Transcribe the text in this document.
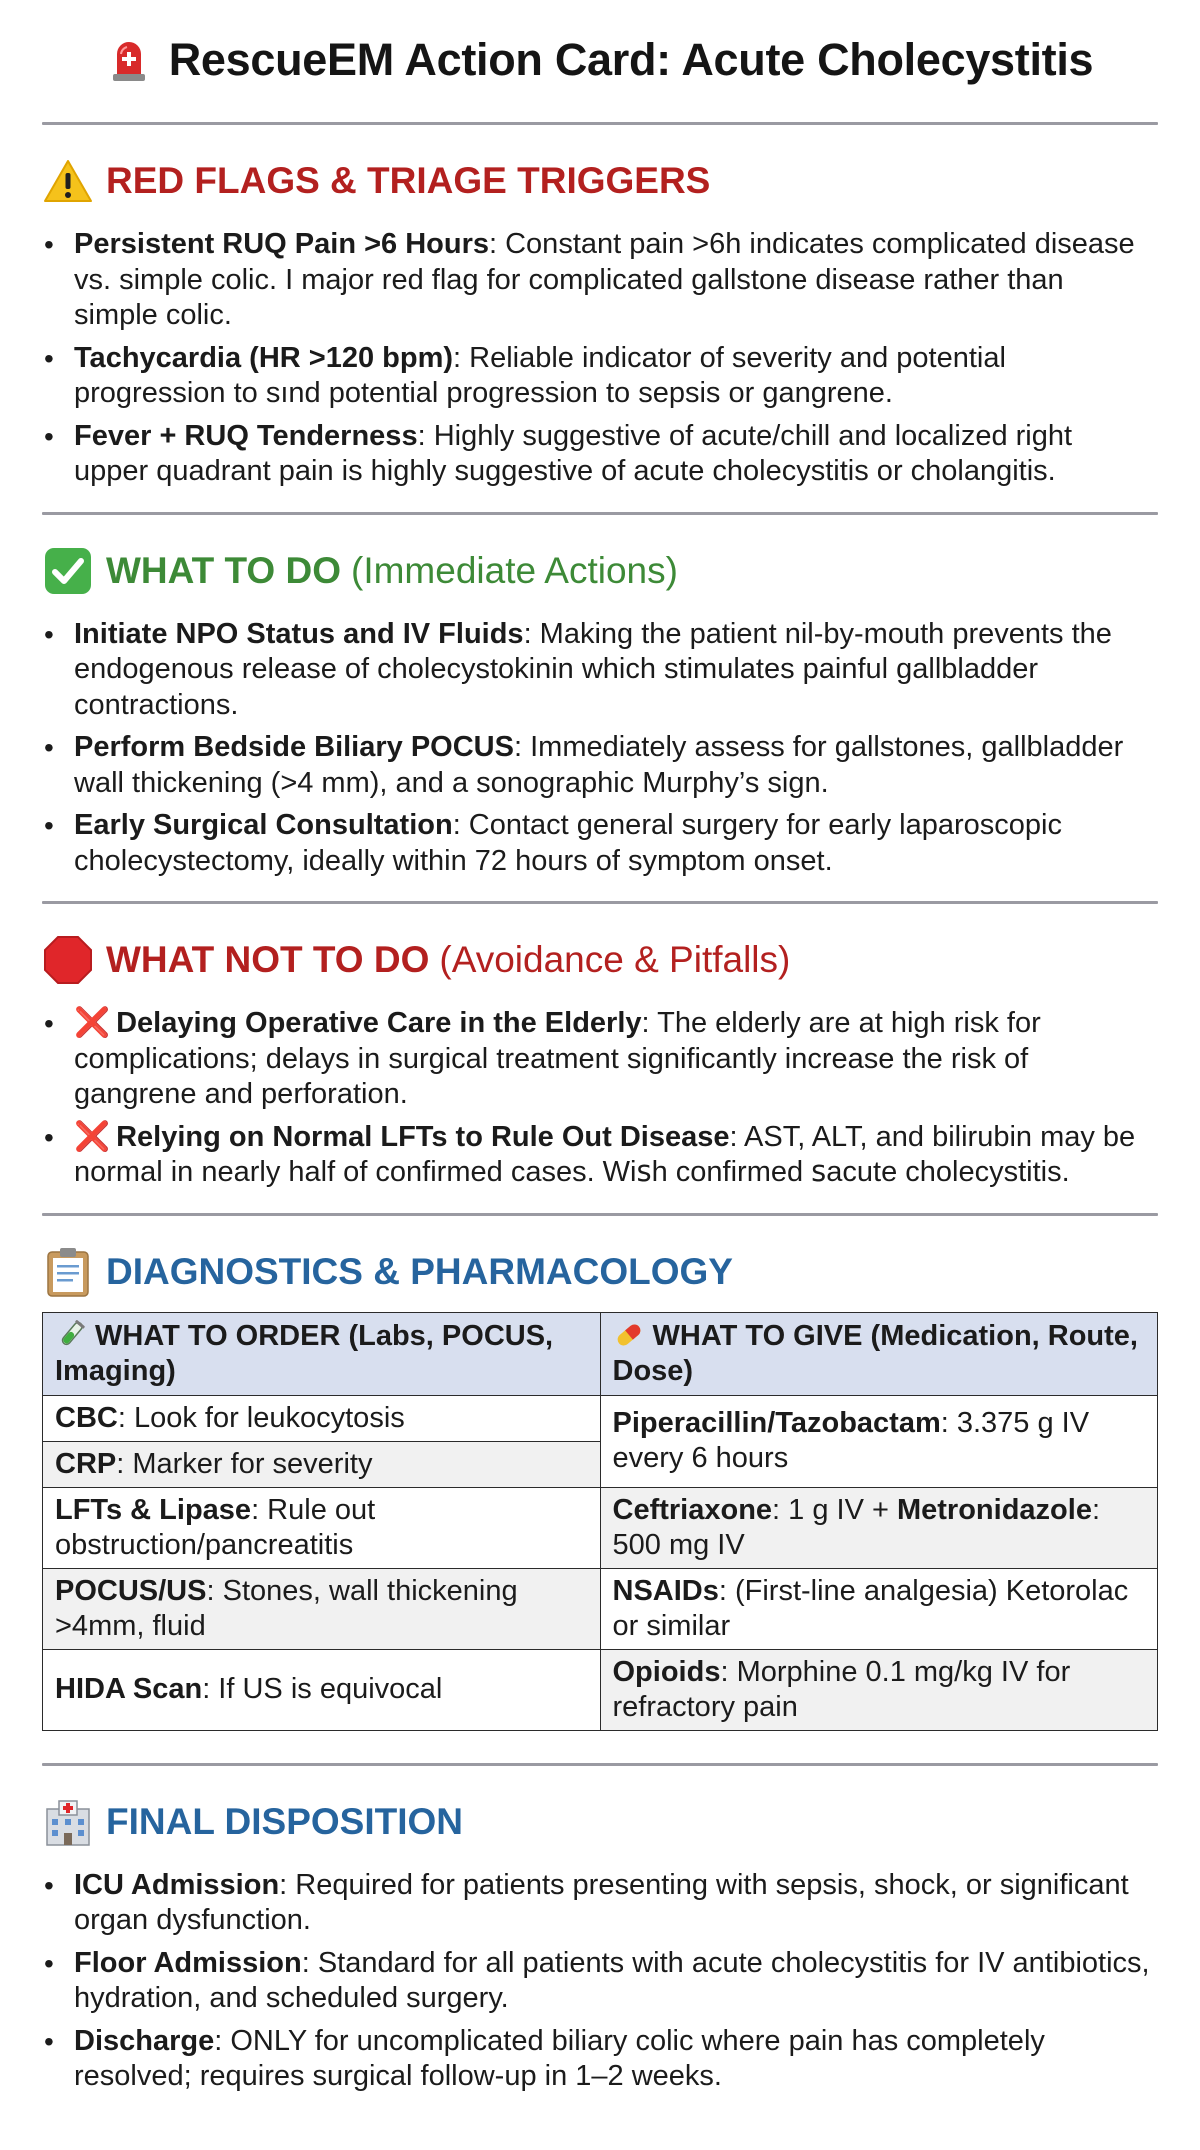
RescueEM Action Card: Acute Cholecystitis
RED FLAGS & TRIAGE TRIGGERS
• Persistent RUQ Pain >6 Hours: Constant pain >6h indicates complicated disease vs. simple colic. I major red flag for complicated gallstone disease rather than simple colic.
• Tachycardia (HR >120 bpm): Reliable indicator of severity and potential progression to sınd potential progression to sepsis or gangrene.
• Fever + RUQ Tenderness: Highly suggestive of acute/chill and localized right upper quadrant pain is highly suggestive of acute cholecystitis or cholangitis.
WHAT TO DO (Immediate Actions)
• Initiate NPO Status and IV Fluids: Making the patient nil-by-mouth prevents the endogenous release of cholecystokinin which stimulates painful gallbladder contractions.
• Perform Bedside Biliary POCUS: Immediately assess for gallstones, gallbladder wall thickening (>4 mm), and a sonographic Murphy’s sign.
• Early Surgical Consultation: Contact general surgery for early laparoscopic cholecystectomy, ideally within 72 hours of symptom onset.
WHAT NOT TO DO (Avoidance & Pitfalls)
• ❌ Delaying Operative Care in the Elderly: The elderly are at high risk for complications; delays in surgical treatment significantly increase the risk of gangrene and perforation.
• ❌ Relying on Normal LFTs to Rule Out Disease: AST, ALT, and bilirubin may be normal in nearly half of confirmed cases. Wiꜱh confirmed ꜱacute cholecystitis.
DIAGNOSTICS & PHARMACOLOGY
WHAT TO ORDER (Labs, POCUS, Imaging)	WHAT TO GIVE (Medication, Route, Dose)
CBC: Look for leukocytosis	Piperacillin/Tazobactam: 3.375 g IV every 6 hours
CRP: Marker for severity	
LFTs & Lipase: Rule out obstruction/pancreatitis	Ceftriaxone: 1 g IV + Metronidazole: 500 mg IV
POCUS/US: Stones, wall thickening >4mm, fluid	NSAIDs: (First-line analgesia) Ketorolac or similar
HIDA Scan: If US is equivocal	Opioids: Morphine 0.1 mg/kg IV for refractory pain
FINAL DISPOSITION
• ICU Admission: Required for patients presenting with sepsis, shock, or significant organ dysfunction.
• Floor Admission: Standard for all patients with acute cholecystitis for IV antibiotics, hydration, and scheduled surgery.
• Discharge: ONLY for uncomplicated biliary colic where pain has completely resolved; requires surgical follow-up in 1–2 weeks.
